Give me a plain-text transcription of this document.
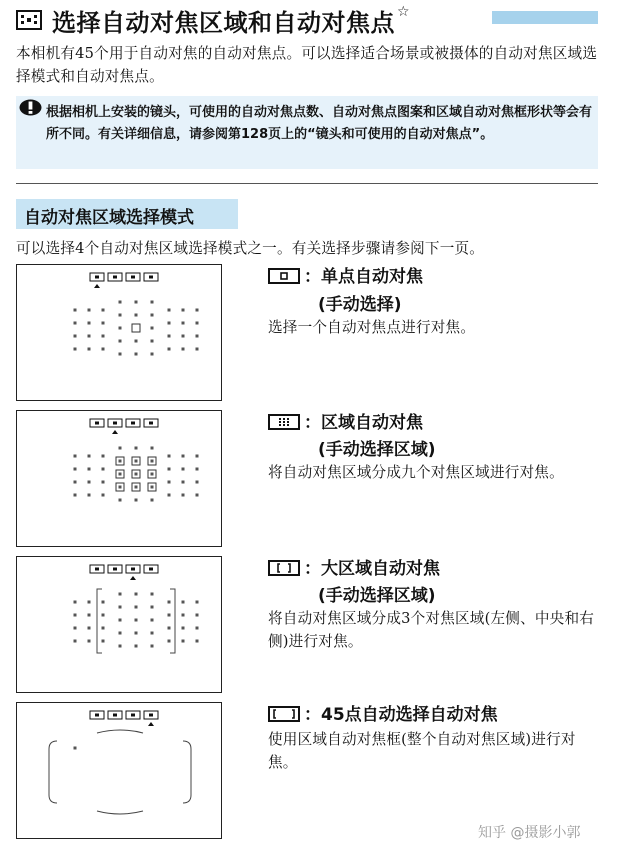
选择自动对焦区域和自动对焦点 ☆
本相机有45个用于自动对焦的自动对焦点。可以选择适合场景或被摄体的自动对焦区域选择模式和自动对焦点。
根据相机上安装的镜头，可使用的自动对焦点数、自动对焦点图案和区域自动对焦框形状等会有所不同。有关详细信息，请参阅第128页上的“镜头和可使用的自动对焦点”。
自动对焦区域选择模式
可以选择4个自动对焦区域选择模式之一。有关选择步骤请参阅下一页。
：单点自动对焦
(手动选择)
选择一个自动对焦点进行对焦。
：区域自动对焦
(手动选择区域)
将自动对焦区域分成九个对焦区域进行对焦。
：大区域自动对焦
(手动选择区域)
将自动对焦区域分成3个对焦区域(左侧、中央和右侧)进行对焦。
：45点自动选择自动对焦
使用区域自动对焦框(整个自动对焦区域)进行对焦。
知乎 @摄影小郭
